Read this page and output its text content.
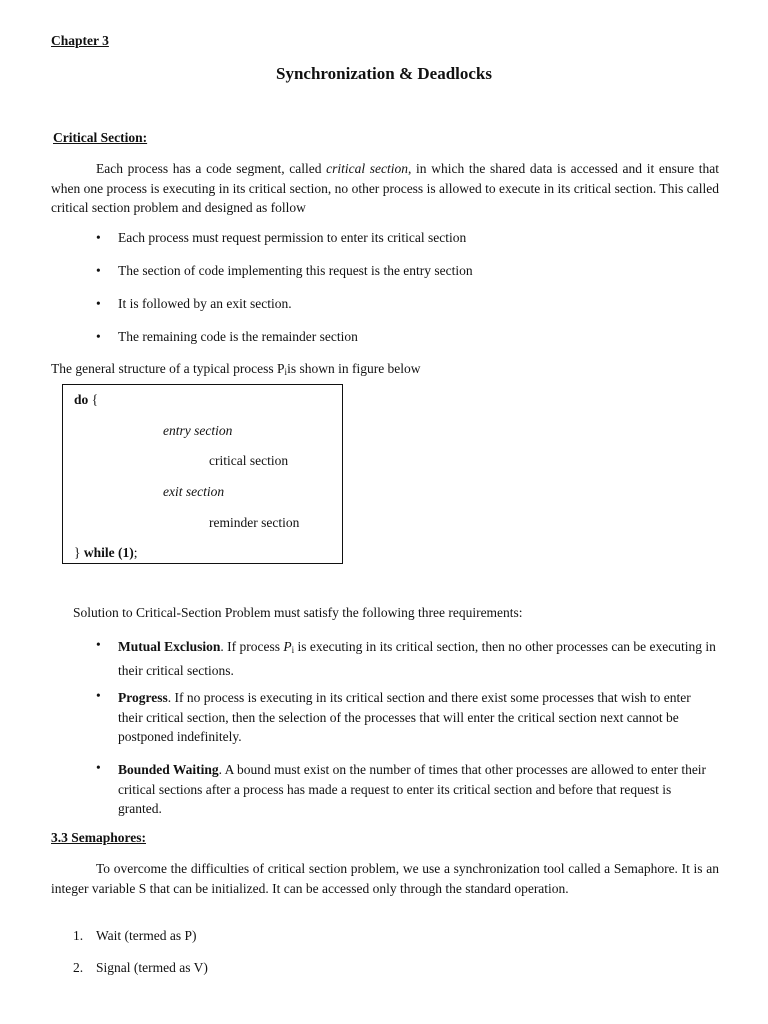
Chapter 3
Synchronization & Deadlocks
Critical Section:
Each process has a code segment, called critical section, in which the shared data is accessed and it ensure that when one process is executing in its critical section, no other process is allowed to execute in its critical section. This called critical section problem and designed as follow
• Each process must request permission to enter its critical section
• The section of code implementing this request is the entry section
• It is followed by an exit section.
• The remaining code is the remainder section
The general structure of a typical process $P_iis$ shown in figure below
do {
entry section
critical section
exit section
reminder section
} while (1);
Solution to Critical-Section Problem must satisfy the following three requirements:
• Mutual Exclusion. If process $P_i$ is executing in its critical section, then no other processes can be executing in their critical sections.
• Progress. If no process is executing in its critical section and there exist some processes that wish to enter their critical section, then the selection of the processes that will enter the critical section next cannot be postponed indefinitely.
• Bounded Waiting. A bound must exist on the number of times that other processes are allowed to enter their critical sections after a process has made a request to enter its critical section and before that request is granted.
3.3 Semaphores:
To overcome the difficulties of critical section problem, we use a synchronization tool called a Semaphore. It is an integer variable S that can be initialized. It can be accessed only through the standard operation.
1. Wait (termed as P)
2. Signal (termed as V)
